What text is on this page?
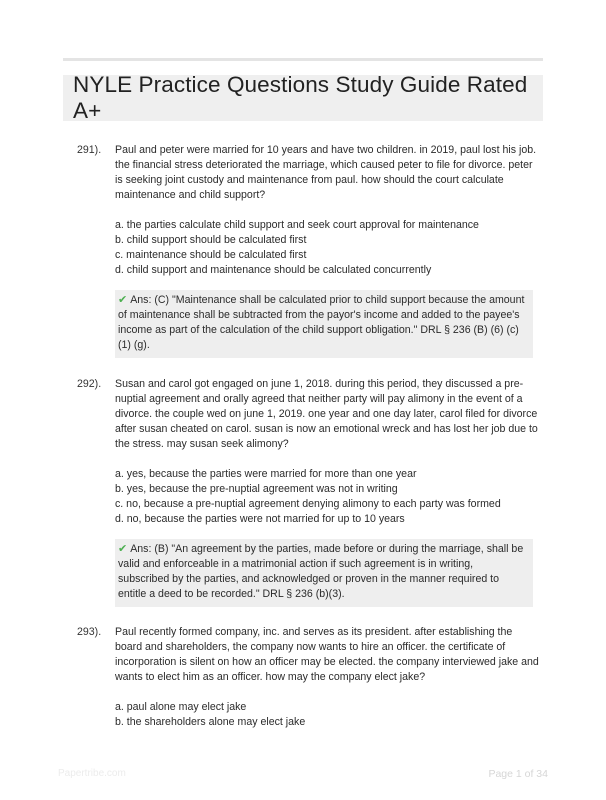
NYLE Practice Questions Study Guide Rated A+
291). Paul and peter were married for 10 years and have two children. in 2019, paul lost his job. the financial stress deteriorated the marriage, which caused peter to file for divorce. peter is seeking joint custody and maintenance from paul. how should the court calculate maintenance and child support?

a. the parties calculate child support and seek court approval for maintenance

b. child support should be calculated first

c. maintenance should be calculated first

d. child support and maintenance should be calculated concurrently

✔ Ans: (C) "Maintenance shall be calculated prior to child support because the amount of maintenance shall be subtracted from the payor's income and added to the payee's income as part of the calculation of the child support obligation." DRL § 236 (B) (6) (c) (1) (g).

292). Susan and carol got engaged on june 1, 2018. during this period, they discussed a pre-nuptial agreement and orally agreed that neither party will pay alimony in the event of a divorce. the couple wed on june 1, 2019. one year and one day later, carol filed for divorce after susan cheated on carol. susan is now an emotional wreck and has lost her job due to the stress. may susan seek alimony?

a. yes, because the parties were married for more than one year

b. yes, because the pre-nuptial agreement was not in writing

c. no, because a pre-nuptial agreement denying alimony to each party was formed

d. no, because the parties were not married for up to 10 years

✔ Ans: (B) "An agreement by the parties, made before or during the marriage, shall be valid and enforceable in a matrimonial action if such agreement is in writing, subscribed by the parties, and acknowledged or proven in the manner required to entitle a deed to be recorded." DRL § 236 (b)(3).

293). Paul recently formed company, inc. and serves as its president. after establishing the board and shareholders, the company now wants to hire an officer. the certificate of incorporation is silent on how an officer may be elected. the company interviewed jake and wants to elect him as an officer. how may the company elect jake?

a. paul alone may elect jake

b. the shareholders alone may elect jake

Papertribe.com	Page 1 of 34
